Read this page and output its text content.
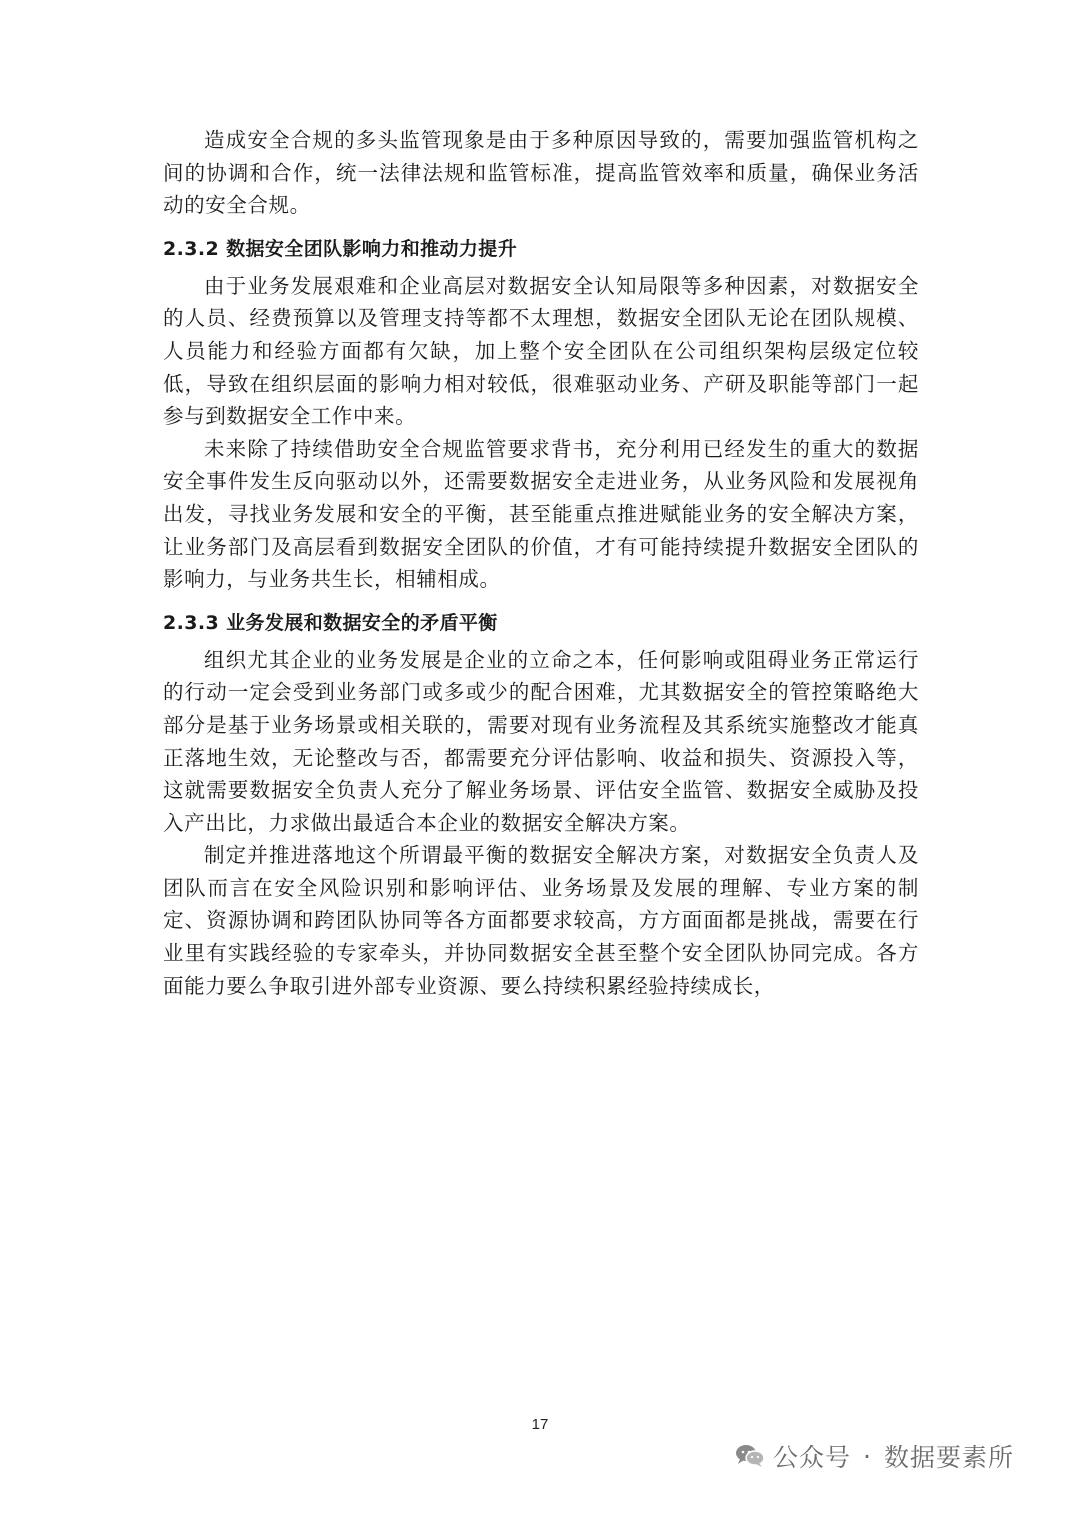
造成安全合规的多头监管现象是由于多种原因导致的，需要加强监管机构之间的协调和合作，统一法律法规和监管标准，提高监管效率和质量，确保业务活动的安全合规。

2.3.2 数据安全团队影响力和推动力提升

由于业务发展艰难和企业高层对数据安全认知局限等多种因素，对数据安全的人员、经费预算以及管理支持等都不太理想，数据安全团队无论在团队规模、人员能力和经验方面都有欠缺，加上整个安全团队在公司组织架构层级定位较低，导致在组织层面的影响力相对较低，很难驱动业务、产研及职能等部门一起参与到数据安全工作中来。

未来除了持续借助安全合规监管要求背书，充分利用已经发生的重大的数据安全事件发生反向驱动以外，还需要数据安全走进业务，从业务风险和发展视角出发，寻找业务发展和安全的平衡，甚至能重点推进赋能业务的安全解决方案，让业务部门及高层看到数据安全团队的价值，才有可能持续提升数据安全团队的影响力，与业务共生长，相辅相成。

2.3.3 业务发展和数据安全的矛盾平衡

组织尤其企业的业务发展是企业的立命之本，任何影响或阻碍业务正常运行的行动一定会受到业务部门或多或少的配合困难，尤其数据安全的管控策略绝大部分是基于业务场景或相关联的，需要对现有业务流程及其系统实施整改才能真正落地生效，无论整改与否，都需要充分评估影响、收益和损失、资源投入等，这就需要数据安全负责人充分了解业务场景、评估安全监管、数据安全威胁及投入产出比，力求做出最适合本企业的数据安全解决方案。

制定并推进落地这个所谓最平衡的数据安全解决方案，对数据安全负责人及团队而言在安全风险识别和影响评估、业务场景及发展的理解、专业方案的制定、资源协调和跨团队协同等各方面都要求较高，方方面面都是挑战，需要在行业里有实践经验的专家牵头，并协同数据安全甚至整个安全团队协同完成。各方面能力要么争取引进外部专业资源、要么持续积累经验持续成长，

17
公众号 · 数据要素所
